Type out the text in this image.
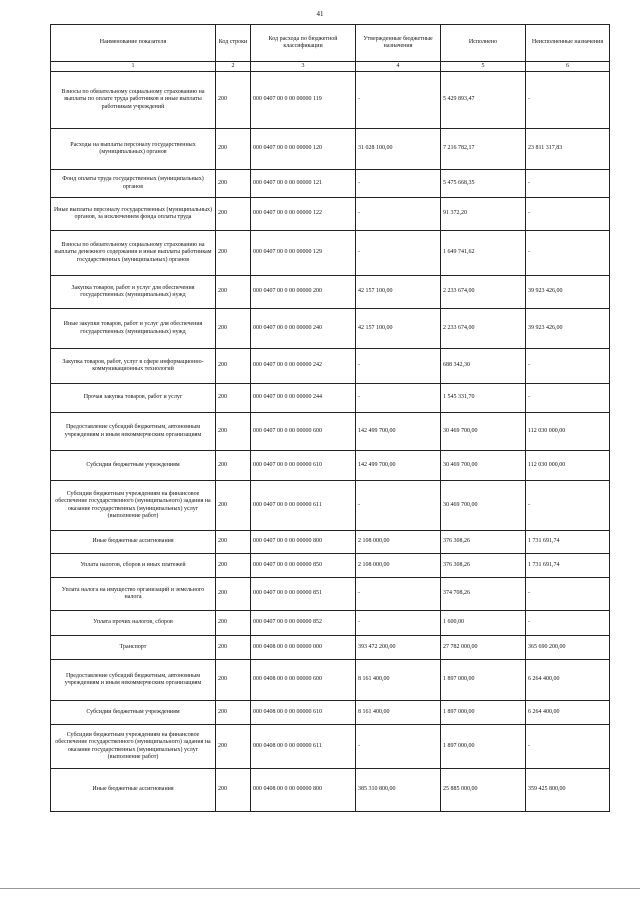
41
Наименование показателя	Код строки	Код расхода по бюджетной классификации	Утвержденные бюджетные назначения	Исполнено	Неисполненные назначения
1	2	3	4	5	6
Взносы по обязательному социальному страхованию на выплаты по оплате труда работников и иные выплаты работникам учреждений	200	000 0407 00 0 00 00000 119	-	5 429 893,47	-
Расходы на выплаты персоналу государственных (муниципальных) органов	200	000 0407 00 0 00 00000 120	31 028 100,00	7 216 782,17	23 811 317,83
Фонд оплаты труда государственных (муниципальных) органов	200	000 0407 00 0 00 00000 121	-	5 475 668,35	-
Иные выплаты персоналу государственных (муниципальных) органов, за исключением фонда оплаты труда	200	000 0407 00 0 00 00000 122	-	91 372,20	-
Взносы по обязательному социальному страхованию на выплаты денежного содержания и иные выплаты работникам государственных (муниципальных) органов	200	000 0407 00 0 00 00000 129	-	1 649 741,62	-
Закупка товаров, работ и услуг для обеспечения государственных (муниципальных) нужд	200	000 0407 00 0 00 00000 200	42 157 100,00	2 233 674,00	39 923 426,00
Иные закупки товаров, работ и услуг для обеспечения государственных (муниципальных) нужд	200	000 0407 00 0 00 00000 240	42 157 100,00	2 233 674,00	39 923 426,00
Закупка товаров, работ, услуг в сфере информационно-коммуникационных технологий	200	000 0407 00 0 00 00000 242	-	688 342,30	-
Прочая закупка товаров, работ и услуг	200	000 0407 00 0 00 00000 244	-	1 545 331,70	-
Предоставление субсидий бюджетным, автономным учреждениям и иным некоммерческим организациям	200	000 0407 00 0 00 00000 600	142 499 700,00	30 469 700,00	112 030 000,00
Субсидии бюджетным учреждениям	200	000 0407 00 0 00 00000 610	142 499 700,00	30 469 700,00	112 030 000,00
Субсидии бюджетным учреждениям на финансовое обеспечение государственного (муниципального) задания на оказание государственных (муниципальных) услуг (выполнение работ)	200	000 0407 00 0 00 00000 611	-	30 469 700,00	-
Иные бюджетные ассигнования	200	000 0407 00 0 00 00000 800	2 108 000,00	376 308,26	1 731 691,74
Уплата налогов, сборов и иных платежей	200	000 0407 00 0 00 00000 850	2 108 000,00	376 308,26	1 731 691,74
Уплата налога на имущество организаций и земельного налога	200	000 0407 00 0 00 00000 851	-	374 708,26	-
Уплата прочих налогов, сборов	200	000 0407 00 0 00 00000 852	-	1 600,00	-
Транспорт	200	000 0408 00 0 00 00000 000	393 472 200,00	27 782 000,00	365 690 200,00
Предоставление субсидий бюджетным, автономным учреждениям и иным некоммерческим организациям	200	000 0408 00 0 00 00000 600	8 161 400,00	1 897 000,00	6 264 400,00
Субсидии бюджетным учреждениям	200	000 0408 00 0 00 00000 610	8 161 400,00	1 897 000,00	6 264 400,00
Субсидии бюджетным учреждениям на финансовое обеспечение государственного (муниципального) задания на оказание государственных (муниципальных) услуг (выполнение работ)	200	000 0408 00 0 00 00000 611	-	1 897 000,00	-
Иные бюджетные ассигнования	200	000 0408 00 0 00 00000 800	385 310 800,00	25 885 000,00	359 425 800,00
